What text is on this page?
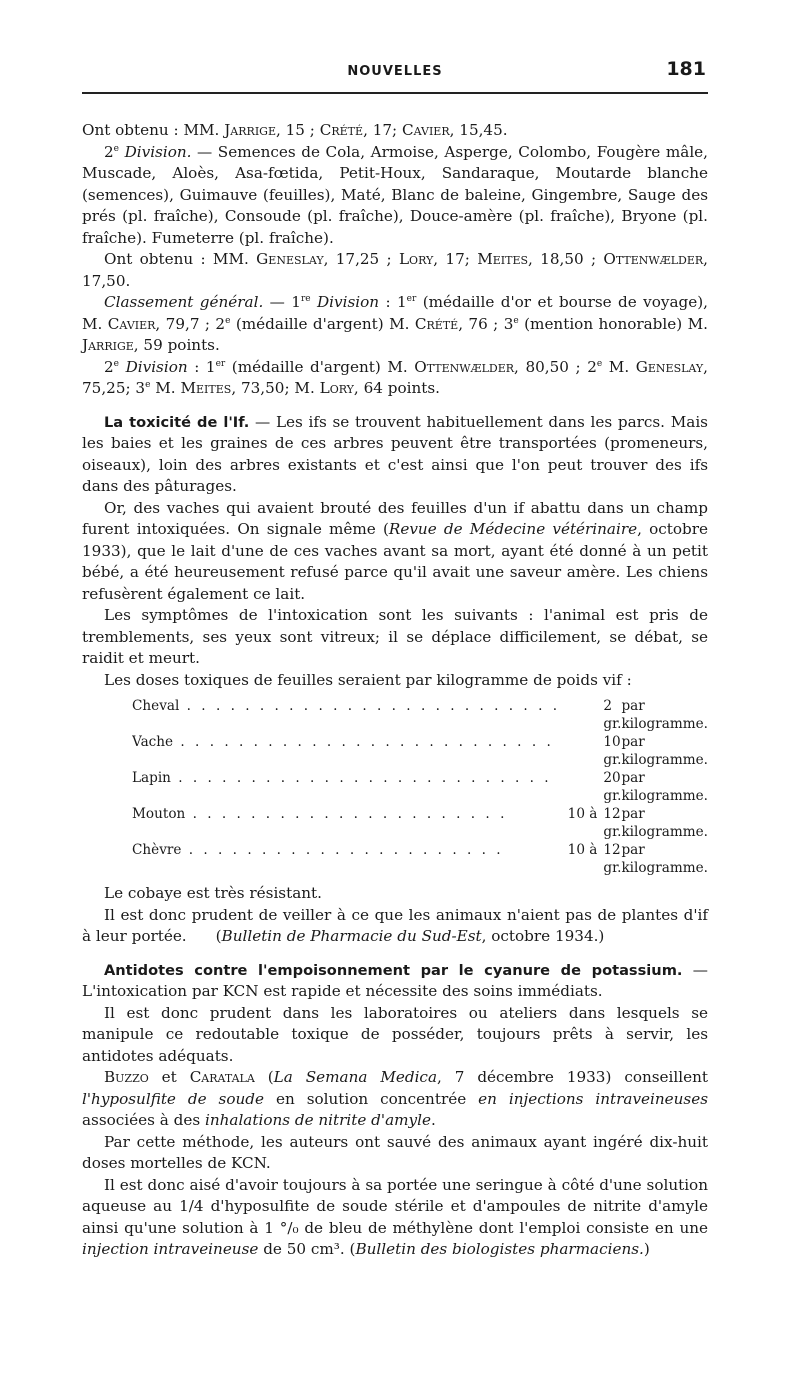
NOUVELLES	181

Ont obtenu : MM. Jarrige, 15 ; Crété, 17; Cavier, 15,45.

2e Division. — Semences de Cola, Armoise, Asperge, Colombo, Fougère mâle, Muscade, Aloès, Asa-fœtida, Petit-Houx, Sandaraque, Moutarde blanche (semences), Guimauve (feuilles), Maté, Blanc de baleine, Gingembre, Sauge des prés (pl. fraîche), Consoude (pl. fraîche), Douce-amère (pl. fraîche), Bryone (pl. fraîche). Fumeterre (pl. fraîche).

Ont obtenu : MM. Geneslay, 17,25 ; Lory, 17; Meites, 18,50 ; Ottenwælder, 17,50.

Classement général. — 1re Division : 1er (médaille d'or et bourse de voyage), M. Cavier, 79,7 ; 2e (médaille d'argent) M. Crété, 76 ; 3e (mention honorable) M. Jarrige, 59 points.

2e Division : 1er (médaille d'argent) M. Ottenwælder, 80,50 ; 2e M. Geneslay, 75,25; 3e M. Meites, 73,50; M. Lory, 64 points.

La toxicité de l'If. — Les ifs se trouvent habituellement dans les parcs. Mais les baies et les graines de ces arbres peuvent être transportées (promeneurs, oiseaux), loin des arbres existants et c'est ainsi que l'on peut trouver des ifs dans des pâturages.

Or, des vaches qui avaient brouté des feuilles d'un if abattu dans un champ furent intoxiquées. On signale même (Revue de Médecine vétérinaire, octobre 1933), que le lait d'une de ces vaches avant sa mort, ayant été donné à un petit bébé, a été heureusement refusé parce qu'il avait une saveur amère. Les chiens refusèrent également ce lait.

Les symptômes de l'intoxication sont les suivants : l'animal est pris de tremblements, ses yeux sont vitreux; il se déplace difficilement, se débat, se raidit et meurt.

Les doses toxiques de feuilles seraient par kilogramme de poids vif :

Cheval . . . . . . . . . . . . . . . . . . . . . . . . . .		2 gr.	par kilogramme.
Vache . . . . . . . . . . . . . . . . . . . . . . . . . .		10 gr.	par kilogramme.
Lapin . . . . . . . . . . . . . . . . . . . . . . . . . .		20 gr.	par kilogramme.
Mouton . . . . . . . . . . . . . . . . . . . . . .	10 à	12 gr.	par kilogramme.
Chèvre . . . . . . . . . . . . . . . . . . . . . .	10 à	12 gr.	par kilogramme.

Le cobaye est très résistant.

Il est donc prudent de veiller à ce que les animaux n'aient pas de plantes d'if à leur portée. (Bulletin de Pharmacie du Sud-Est, octobre 1934.)

Antidotes contre l'empoisonnement par le cyanure de potassium. — L'intoxication par KCN est rapide et nécessite des soins immédiats.

Il est donc prudent dans les laboratoires ou ateliers dans lesquels se manipule ce redoutable toxique de posséder, toujours prêts à servir, les antidotes adéquats.

Buzzo et Caratala (La Semana Medica, 7 décembre 1933) conseillent l'hyposulfite de soude en solution concentrée en injections intraveineuses associées à des inhalations de nitrite d'amyle.

Par cette méthode, les auteurs ont sauvé des animaux ayant ingéré dix-huit doses mortelles de KCN.

Il est donc aisé d'avoir toujours à sa portée une seringue à côté d'une solution aqueuse au 1/4 d'hyposulfite de soude stérile et d'ampoules de nitrite d'amyle ainsi qu'une solution à 1 °/₀ de bleu de méthylène dont l'emploi consiste en une injection intraveineuse de 50 cm³. (Bulletin des biologistes pharmaciens.)
